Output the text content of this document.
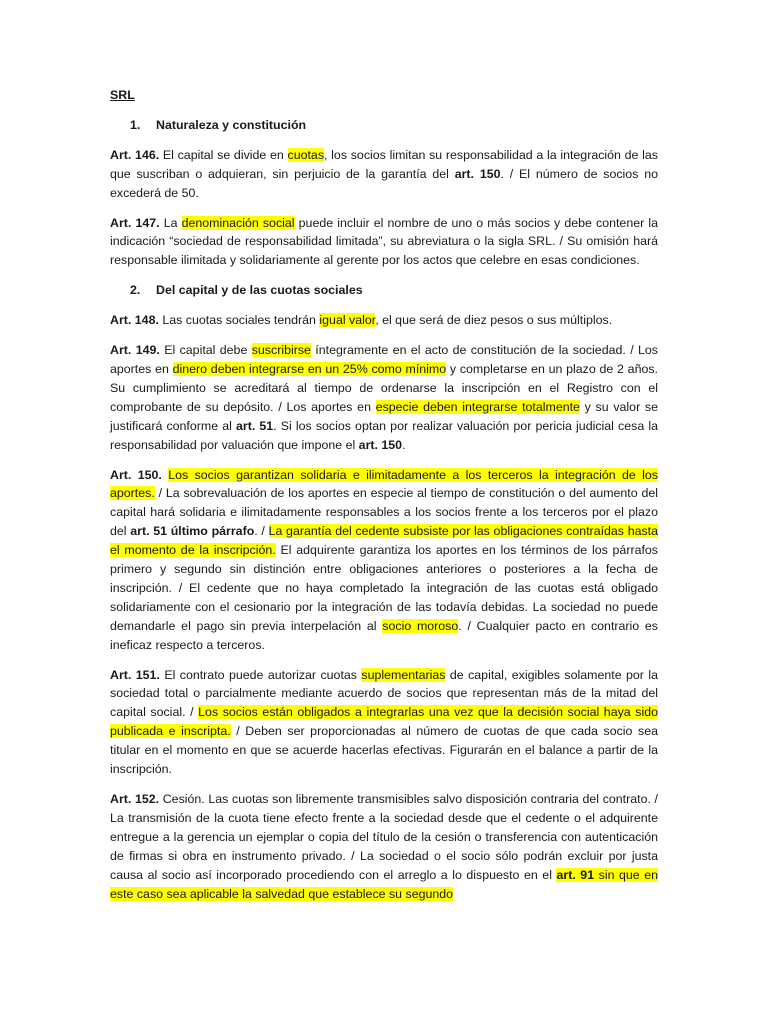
SRL
1.	Naturaleza y constitución

Art. 146. El capital se divide en cuotas, los socios limitan su responsabilidad a la integración de las que suscriban o adquieran, sin perjuicio de la garantía del art. 150. / El número de socios no excederá de 50.

Art. 147. La denominación social puede incluir el nombre de uno o más socios y debe contener la indicación “sociedad de responsabilidad limitada”, su abreviatura o la sigla SRL. / Su omisión hará responsable ilimitada y solidariamente al gerente por los actos que celebre en esas condiciones.

2.	Del capital y de las cuotas sociales

Art. 148. Las cuotas sociales tendrán igual valor, el que será de diez pesos o sus múltiplos.

Art. 149. El capital debe suscribirse íntegramente en el acto de constitución de la sociedad. / Los aportes en dinero deben integrarse en un 25% como mínimo y completarse en un plazo de 2 años. Su cumplimiento se acreditará al tiempo de ordenarse la inscripción en el Registro con el comprobante de su depósito. / Los aportes en especie deben integrarse totalmente y su valor se justificará conforme al art. 51. Si los socios optan por realizar valuación por pericia judicial cesa la responsabilidad por valuación que impone el art. 150.

Art. 150. Los socios garantizan solidaria e ilimitadamente a los terceros la integración de los aportes. / La sobrevaluación de los aportes en especie al tiempo de constitución o del aumento del capital hará solidaria e ilimitadamente responsables a los socios frente a los terceros por el plazo del art. 51 último párrafo. / La garantía del cedente subsiste por las obligaciones contraídas hasta el momento de la inscripción. El adquirente garantiza los aportes en los términos de los párrafos primero y segundo sin distinción entre obligaciones anteriores o posteriores a la fecha de inscripción. / El cedente que no haya completado la integración de las cuotas está obligado solidariamente con el cesionario por la integración de las todavía debidas. La sociedad no puede demandarle el pago sin previa interpelación al socio moroso. / Cualquier pacto en contrario es ineficaz respecto a terceros.

Art. 151. El contrato puede autorizar cuotas suplementarias de capital, exigibles solamente por la sociedad total o parcialmente mediante acuerdo de socios que representan más de la mitad del capital social. / Los socios están obligados a integrarlas una vez que la decisión social haya sido publicada e inscripta. / Deben ser proporcionadas al número de cuotas de que cada socio sea titular en el momento en que se acuerde hacerlas efectivas. Figurarán en el balance a partir de la inscripción.

Art. 152. Cesión. Las cuotas son libremente transmisibles salvo disposición contraria del contrato. / La transmisión de la cuota tiene efecto frente a la sociedad desde que el cedente o el adquirente entregue a la gerencia un ejemplar o copia del título de la cesión o transferencia con autenticación de firmas si obra en instrumento privado. / La sociedad o el socio sólo podrán excluir por justa causa al socio así incorporado procediendo con el arreglo a lo dispuesto en el art. 91 sin que en este caso sea aplicable la salvedad que establece su segundo
